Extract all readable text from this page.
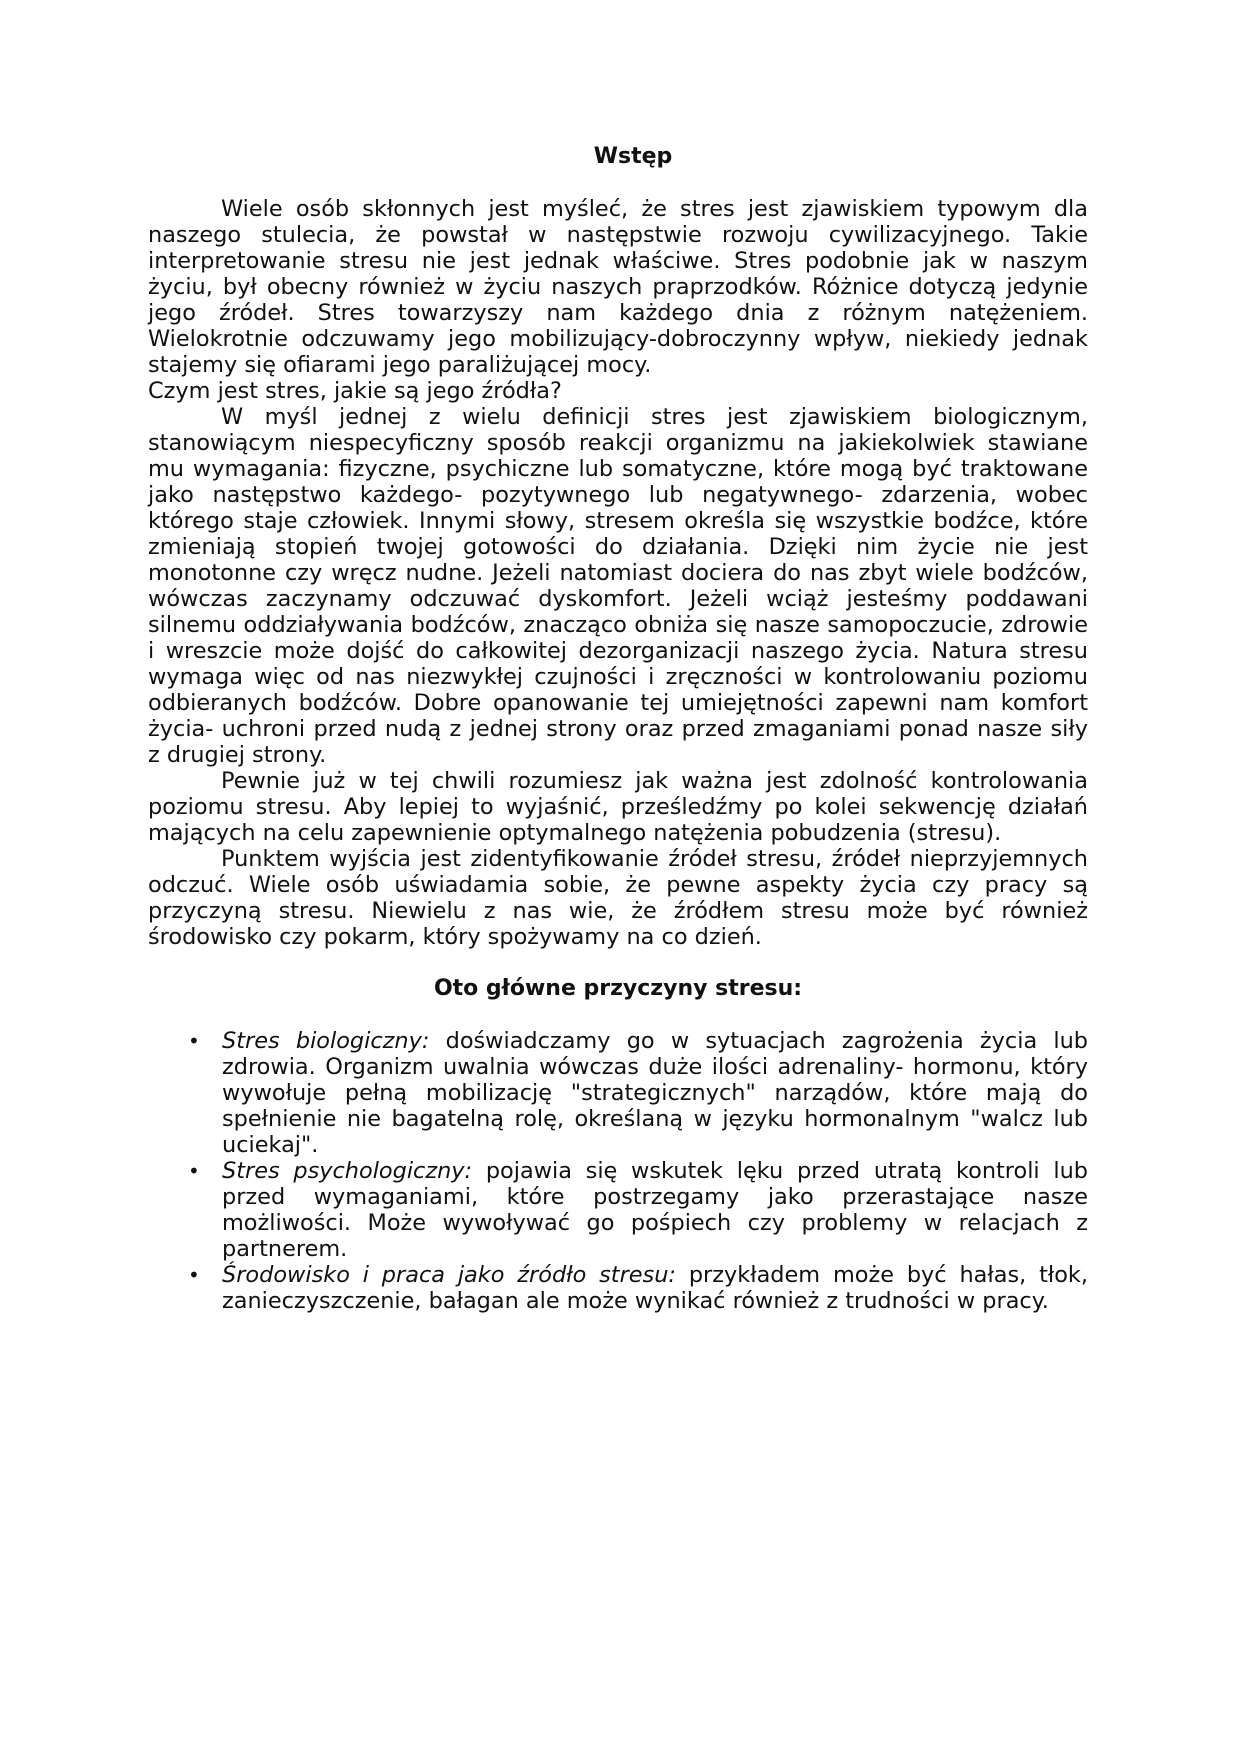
Wstęp

Wiele osób skłonnych jest myśleć, że stres jest zjawiskiem typowym dla naszego stulecia, że powstał w następstwie rozwoju cywilizacyjnego. Takie interpretowanie stresu nie jest jednak właściwe. Stres podobnie jak w naszym życiu, był obecny również w życiu naszych praprzodków. Różnice dotyczą jedynie jego źródeł. Stres towarzyszy nam każdego dnia z różnym natężeniem. Wielokrotnie odczuwamy jego mobilizujący-dobroczynny wpływ, niekiedy jednak stajemy się ofiarami jego paraliżującej mocy.

Czym jest stres, jakie są jego źródła?

W myśl jednej z wielu definicji stres jest zjawiskiem biologicznym, stanowiącym niespecyficzny sposób reakcji organizmu na jakiekolwiek stawiane mu wymagania: fizyczne, psychiczne lub somatyczne, które mogą być traktowane jako następstwo każdego- pozytywnego lub negatywnego- zdarzenia, wobec którego staje człowiek. Innymi słowy, stresem określa się wszystkie bodźce, które zmieniają stopień twojej gotowości do działania. Dzięki nim życie nie jest monotonne czy wręcz nudne. Jeżeli natomiast dociera do nas zbyt wiele bodźców, wówczas zaczynamy odczuwać dyskomfort. Jeżeli wciąż jesteśmy poddawani silnemu oddziaływania bodźców, znacząco obniża się nasze samopoczucie, zdrowie i wreszcie może dojść do całkowitej dezorganizacji naszego życia. Natura stresu wymaga więc od nas niezwykłej czujności i zręczności w kontrolowaniu poziomu odbieranych bodźców. Dobre opanowanie tej umiejętności zapewni nam komfort życia- uchroni przed nudą z jednej strony oraz przed zmaganiami ponad nasze siły z drugiej strony.

Pewnie już w tej chwili rozumiesz jak ważna jest zdolność kontrolowania poziomu stresu. Aby lepiej to wyjaśnić, prześledźmy po kolei sekwencję działań mających na celu zapewnienie optymalnego natężenia pobudzenia (stresu).

Punktem wyjścia jest zidentyfikowanie źródeł stresu, źródeł nieprzyjemnych odczuć. Wiele osób uświadamia sobie, że pewne aspekty życia czy pracy są przyczyną stresu. Niewielu z nas wie, że źródłem stresu może być również środowisko czy pokarm, który spożywamy na co dzień.

Oto główne przyczyny stresu:
• Stres biologiczny: doświadczamy go w sytuacjach zagrożenia życia lub zdrowia. Organizm uwalnia wówczas duże ilości adrenaliny- hormonu, który wywołuje pełną mobilizację "strategicznych" narządów, które mają do spełnienie nie bagatelną rolę, określaną w języku hormonalnym "walcz lub uciekaj".
• Stres psychologiczny: pojawia się wskutek lęku przed utratą kontroli lub przed wymaganiami, które postrzegamy jako przerastające nasze możliwości. Może wywoływać go pośpiech czy problemy w relacjach z partnerem.
• Środowisko i praca jako źródło stresu: przykładem może być hałas, tłok, zanieczyszczenie, bałagan ale może wynikać również z trudności w pracy.
